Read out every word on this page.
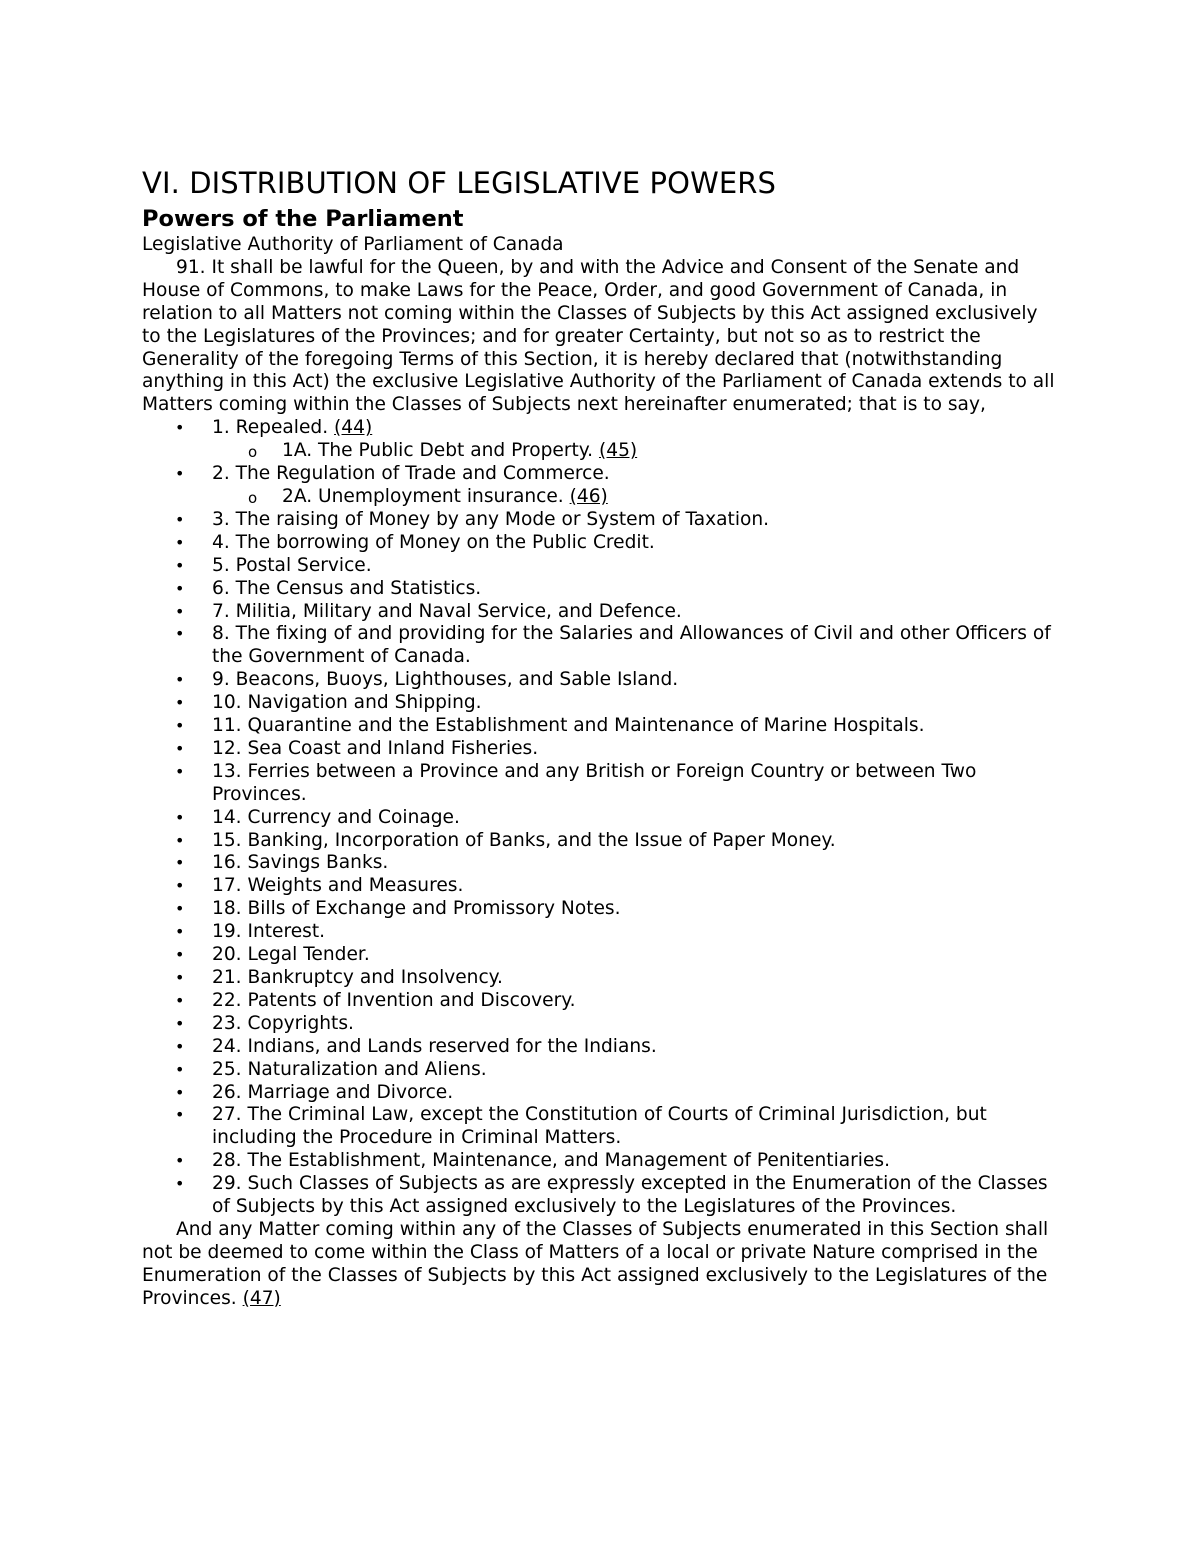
VI. DISTRIBUTION OF LEGISLATIVE POWERS
Powers of the Parliament

Legislative Authority of Parliament of Canada

91. It shall be lawful for the Queen, by and with the Advice and Consent of the Senate and House of Commons, to make Laws for the Peace, Order, and good Government of Canada, in relation to all Matters not coming within the Classes of Subjects by this Act assigned exclusively to the Legislatures of the Provinces; and for greater Certainty, but not so as to restrict the Generality of the foregoing Terms of this Section, it is hereby declared that (notwithstanding anything in this Act) the exclusive Legislative Authority of the Parliament of Canada extends to all Matters coming within the Classes of Subjects next hereinafter enumerated; that is to say,

• 1. Repealed. (44)
o 1A. The Public Debt and Property. (45)
• 2. The Regulation of Trade and Commerce.
o 2A. Unemployment insurance. (46)
• 3. The raising of Money by any Mode or System of Taxation.
• 4. The borrowing of Money on the Public Credit.
• 5. Postal Service.
• 6. The Census and Statistics.
• 7. Militia, Military and Naval Service, and Defence.
• 8. The fixing of and providing for the Salaries and Allowances of Civil and other Officers of the Government of Canada.
• 9. Beacons, Buoys, Lighthouses, and Sable Island.
• 10. Navigation and Shipping.
• 11. Quarantine and the Establishment and Maintenance of Marine Hospitals.
• 12. Sea Coast and Inland Fisheries.
• 13. Ferries between a Province and any British or Foreign Country or between Two Provinces.
• 14. Currency and Coinage.
• 15. Banking, Incorporation of Banks, and the Issue of Paper Money.
• 16. Savings Banks.
• 17. Weights and Measures.
• 18. Bills of Exchange and Promissory Notes.
• 19. Interest.
• 20. Legal Tender.
• 21. Bankruptcy and Insolvency.
• 22. Patents of Invention and Discovery.
• 23. Copyrights.
• 24. Indians, and Lands reserved for the Indians.
• 25. Naturalization and Aliens.
• 26. Marriage and Divorce.
• 27. The Criminal Law, except the Constitution of Courts of Criminal Jurisdiction, but including the Procedure in Criminal Matters.
• 28. The Establishment, Maintenance, and Management of Penitentiaries.
• 29. Such Classes of Subjects as are expressly excepted in the Enumeration of the Classes of Subjects by this Act assigned exclusively to the Legislatures of the Provinces.

And any Matter coming within any of the Classes of Subjects enumerated in this Section shall not be deemed to come within the Class of Matters of a local or private Nature comprised in the Enumeration of the Classes of Subjects by this Act assigned exclusively to the Legislatures of the Provinces. (47)
